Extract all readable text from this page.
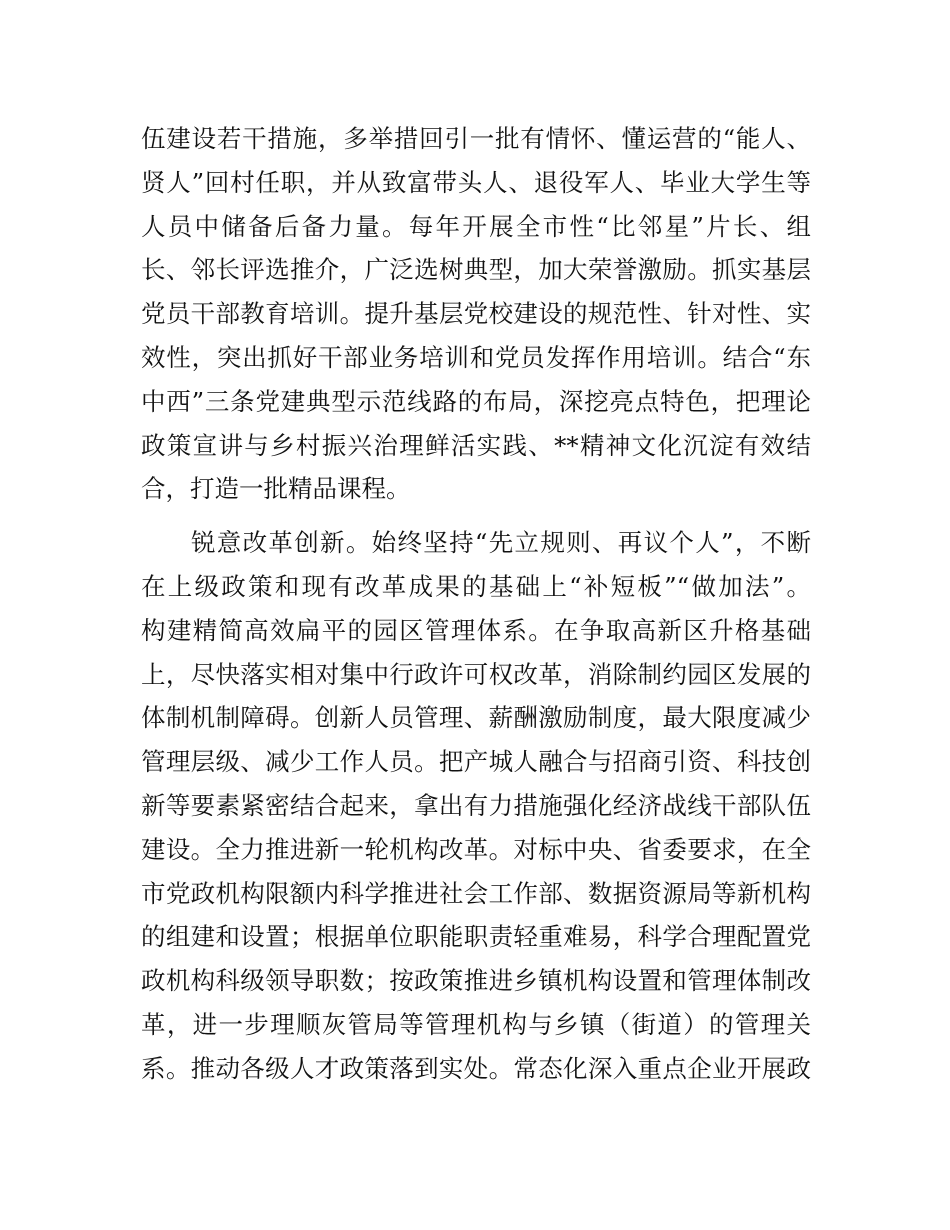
伍建设若干措施，多举措回引一批有情怀、懂运营的“能人、
贤人”回村任职，并从致富带头人、退役军人、毕业大学生等
人员中储备后备力量。每年开展全市性“比邻星”片长、组
长、邻长评选推介，广泛选树典型，加大荣誉激励。抓实基层
党员干部教育培训。提升基层党校建设的规范性、针对性、实
效性，突出抓好干部业务培训和党员发挥作用培训。结合“东
中西”三条党建典型示范线路的布局，深挖亮点特色，把理论
政策宣讲与乡村振兴治理鲜活实践、**精神文化沉淀有效结
合，打造一批精品课程。
锐意改革创新。始终坚持“先立规则、再议个人”，不断
在上级政策和现有改革成果的基础上“补短板”“做加法”。
构建精简高效扁平的园区管理体系。在争取高新区升格基础
上，尽快落实相对集中行政许可权改革，消除制约园区发展的
体制机制障碍。创新人员管理、薪酬激励制度，最大限度减少
管理层级、减少工作人员。把产城人融合与招商引资、科技创
新等要素紧密结合起来，拿出有力措施强化经济战线干部队伍
建设。全力推进新一轮机构改革。对标中央、省委要求，在全
市党政机构限额内科学推进社会工作部、数据资源局等新机构
的组建和设置；根据单位职能职责轻重难易，科学合理配置党
政机构科级领导职数；按政策推进乡镇机构设置和管理体制改
革，进一步理顺灰管局等管理机构与乡镇（街道）的管理关
系。推动各级人才政策落到实处。常态化深入重点企业开展政
